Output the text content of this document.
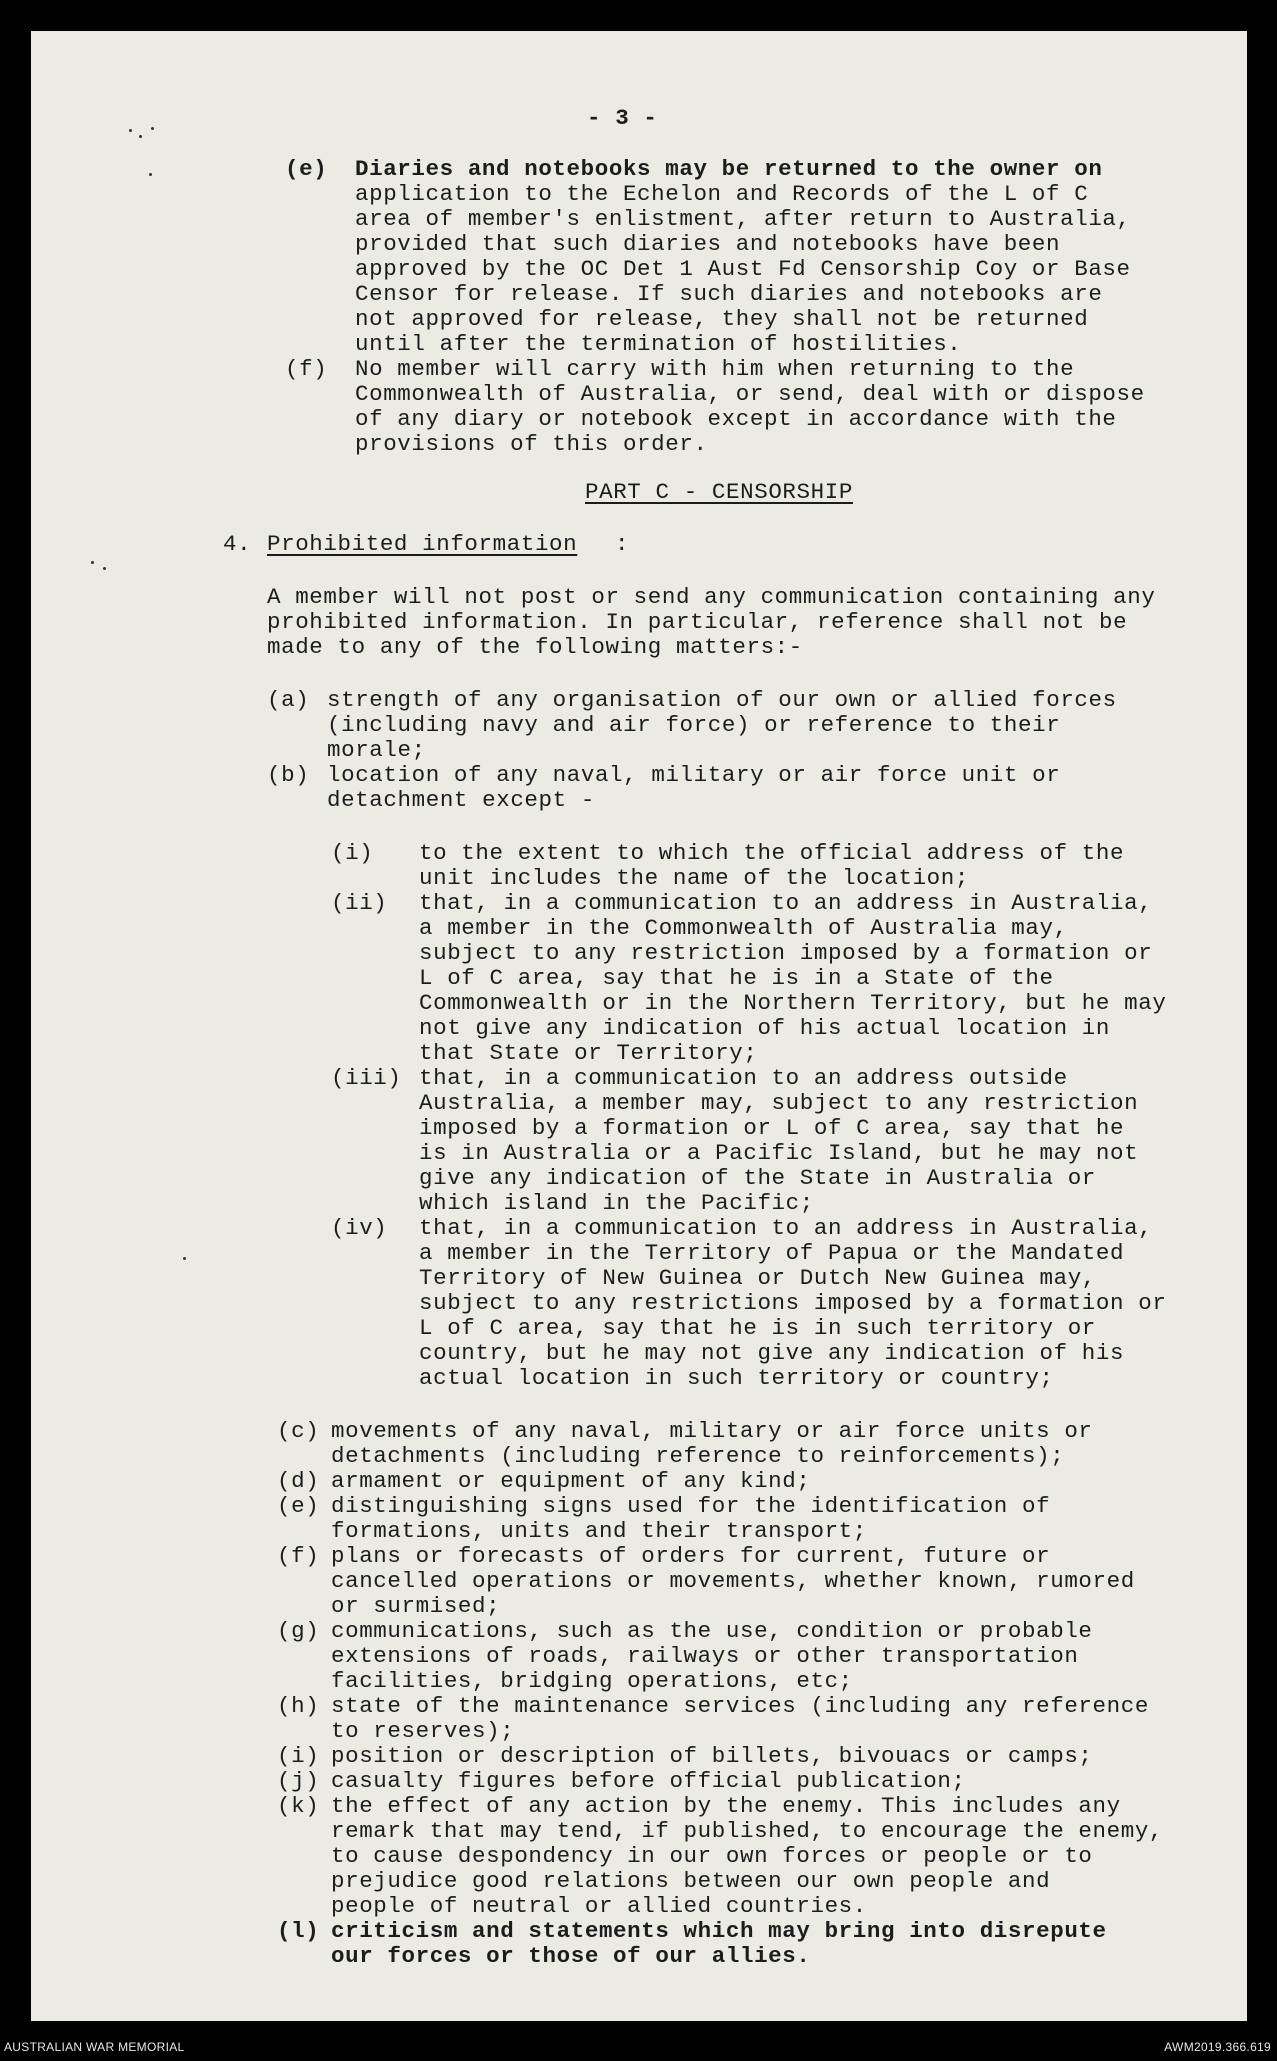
- 3 -
(e) Diaries and notebooks may be returned to the owner on
application to the Echelon and Records of the L of C
area of member's enlistment, after return to Australia,
provided that such diaries and notebooks have been
approved by the OC Det 1 Aust Fd Censorship Coy or Base
Censor for release. If such diaries and notebooks are
not approved for release, they shall not be returned
until after the termination of hostilities.
(f) No member will carry with him when returning to the
Commonwealth of Australia, or send, deal with or dispose
of any diary or notebook except in accordance with the
provisions of this order.
PART C - CENSORSHIP
4. Prohibited information :
A member will not post or send any communication containing any
prohibited information. In particular, reference shall not be
made to any of the following matters:-
(a) strength of any organisation of our own or allied forces
(including navy and air force) or reference to their
morale;
(b) location of any naval, military or air force unit or
detachment except -
(i) to the extent to which the official address of the
unit includes the name of the location;
(ii) that, in a communication to an address in Australia,
a member in the Commonwealth of Australia may,
subject to any restriction imposed by a formation or
L of C area, say that he is in a State of the
Commonwealth or in the Northern Territory, but he may
not give any indication of his actual location in
that State or Territory;
(iii) that, in a communication to an address outside
Australia, a member may, subject to any restriction
imposed by a formation or L of C area, say that he
is in Australia or a Pacific Island, but he may not
give any indication of the State in Australia or
which island in the Pacific;
(iv) that, in a communication to an address in Australia,
a member in the Territory of Papua or the Mandated
Territory of New Guinea or Dutch New Guinea may,
subject to any restrictions imposed by a formation or
L of C area, say that he is in such territory or
country, but he may not give any indication of his
actual location in such territory or country;
(c) movements of any naval, military or air force units or
detachments (including reference to reinforcements);
(d) armament or equipment of any kind;
(e) distinguishing signs used for the identification of
formations, units and their transport;
(f) plans or forecasts of orders for current, future or
cancelled operations or movements, whether known, rumored
or surmised;
(g) communications, such as the use, condition or probable
extensions of roads, railways or other transportation
facilities, bridging operations, etc;
(h) state of the maintenance services (including any reference
to reserves);
(i) position or description of billets, bivouacs or camps;
(j) casualty figures before official publication;
(k) the effect of any action by the enemy. This includes any
remark that may tend, if published, to encourage the enemy,
to cause despondency in our own forces or people or to
prejudice good relations between our own people and
people of neutral or allied countries.
(l) criticism and statements which may bring into disrepute
our forces or those of our allies.
AUSTRALIAN WAR MEMORIAL	AWM2019.366.619
